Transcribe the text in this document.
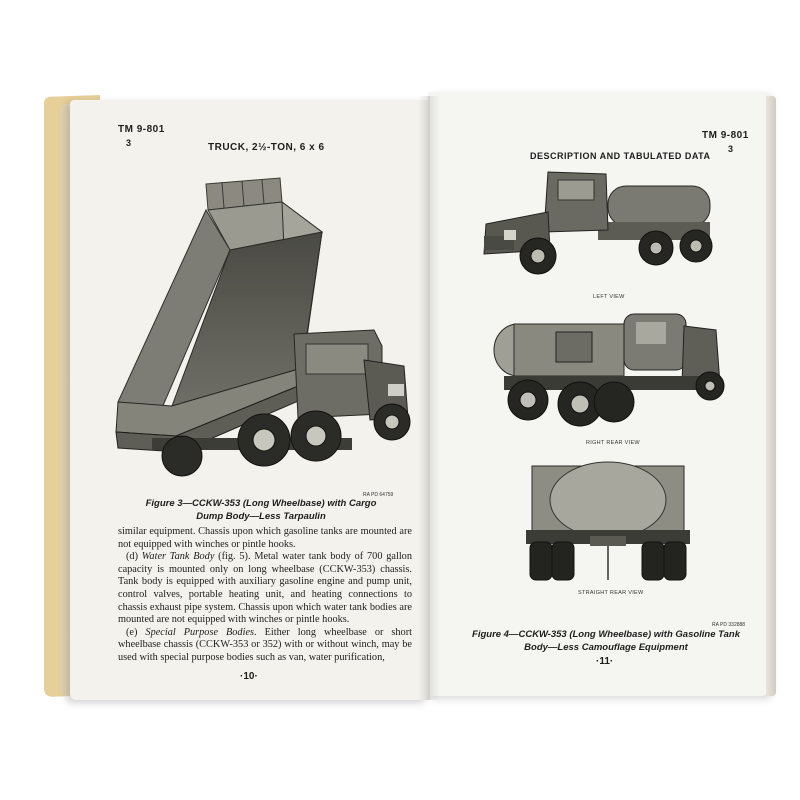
TM 9-801
3	TRUCK, 2½-TON, 6 x 6
RA PD 64759
Figure 3—CCKW-353 (Long Wheelbase) with Cargo
Dump Body—Less Tarpaulin
similar equipment. Chassis upon which gasoline tanks are mounted are not equipped with winches or pintle hooks.
(d) Water Tank Body (fig. 5). Metal water tank body of 700 gallon capacity is mounted only on long wheelbase (CCKW-353) chassis. Tank body is equipped with auxiliary gasoline engine and pump unit, control valves, portable heating unit, and heating connections to chassis exhaust pipe system. Chassis upon which water tank bodies are mounted are not equipped with winches or pintle hooks.
(e) Special Purpose Bodies. Either long wheelbase or short wheelbase chassis (CCKW-353 or 352) with or without winch, may be used with special purpose bodies such as van, water purification,
·10·
TM 9-801
3
DESCRIPTION AND TABULATED DATA
LEFT VIEW
RIGHT REAR VIEW
STRAIGHT REAR VIEW
RA PD 332888
Figure 4—CCKW-353 (Long Wheelbase) with Gasoline Tank
Body—Less Camouflage Equipment
·11·
